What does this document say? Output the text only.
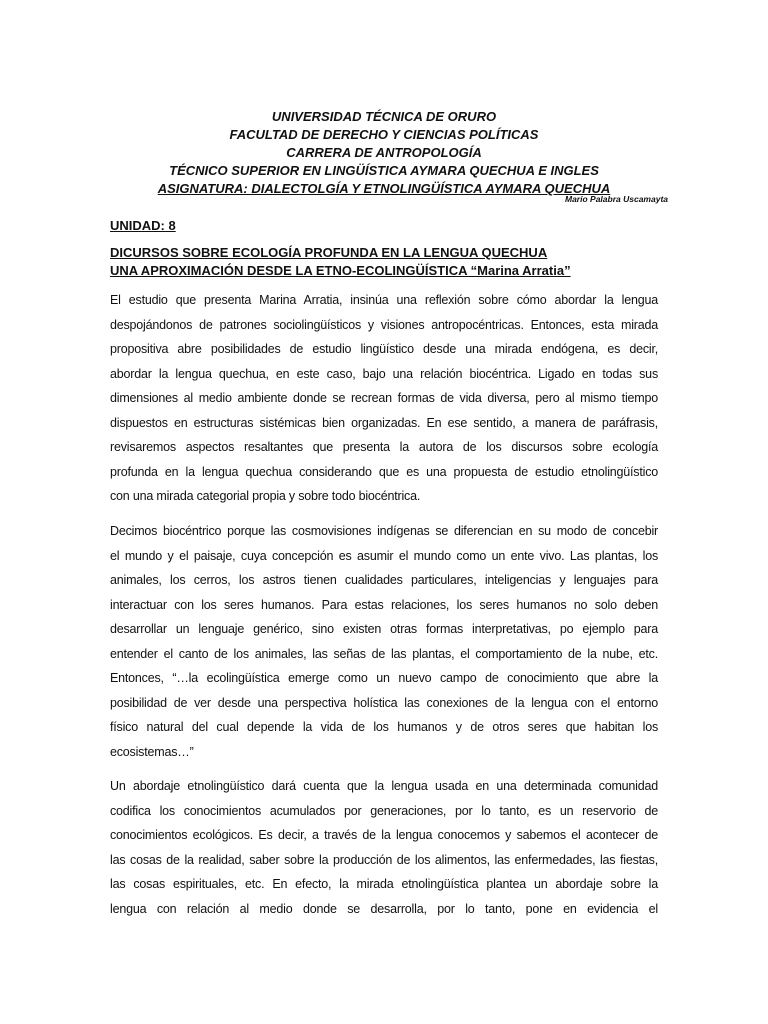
UNIVERSIDAD TÉCNICA DE ORURO
FACULTAD DE DERECHO Y CIENCIAS POLÍTICAS
CARRERA DE ANTROPOLOGÍA
TÉCNICO SUPERIOR EN LINGÜÍSTICA AYMARA QUECHUA E INGLES
ASIGNATURA: DIALECTOLGÍA Y ETNOLINGÜÍSTICA AYMARA QUECHUA
Mario Palabra Uscamayta
UNIDAD: 8
DICURSOS SOBRE ECOLOGÍA PROFUNDA EN LA LENGUA QUECHUA
UNA APROXIMACIÓN DESDE LA ETNO-ECOLINGÜÍSTICA “Marina Arratia”
El estudio que presenta Marina Arratia, insinúa una reflexión sobre cómo abordar la lengua
despojándonos de patrones sociolingüísticos y visiones antropocéntricas. Entonces, esta mirada
propositiva abre posibilidades de estudio lingüístico desde una mirada endógena, es decir,
abordar la lengua quechua, en este caso, bajo una relación biocéntrica. Ligado en todas sus
dimensiones al medio ambiente donde se recrean formas de vida diversa, pero al mismo tiempo
dispuestos en estructuras sistémicas bien organizadas. En ese sentido, a manera de paráfrasis,
revisaremos aspectos resaltantes que presenta la autora de los discursos sobre ecología
profunda en la lengua quechua considerando que es una propuesta de estudio etnolingüístico
con una mirada categorial propia y sobre todo biocéntrica.
Decimos biocéntrico porque las cosmovisiones indígenas se diferencian en su modo de concebir
el mundo y el paisaje, cuya concepción es asumir el mundo como un ente vivo. Las plantas, los
animales, los cerros, los astros tienen cualidades particulares, inteligencias y lenguajes para
interactuar con los seres humanos. Para estas relaciones, los seres humanos no solo deben
desarrollar un lenguaje genérico, sino existen otras formas interpretativas, po ejemplo para
entender el canto de los animales, las señas de las plantas, el comportamiento de la nube, etc.
Entonces, “…la ecolingüística emerge como un nuevo campo de conocimiento que abre la
posibilidad de ver desde una perspectiva holística las conexiones de la lengua con el entorno
físico natural del cual depende la vida de los humanos y de otros seres que habitan los
ecosistemas…”
Un abordaje etnolingüístico dará cuenta que la lengua usada en una determinada comunidad
codifica los conocimientos acumulados por generaciones, por lo tanto, es un reservorio de
conocimientos ecológicos. Es decir, a través de la lengua conocemos y sabemos el acontecer de
las cosas de la realidad, saber sobre la producción de los alimentos, las enfermedades, las fiestas,
las cosas espirituales, etc. En efecto, la mirada etnolingüística plantea un abordaje sobre la
lengua con relación al medio donde se desarrolla, por lo tanto, pone en evidencia el
